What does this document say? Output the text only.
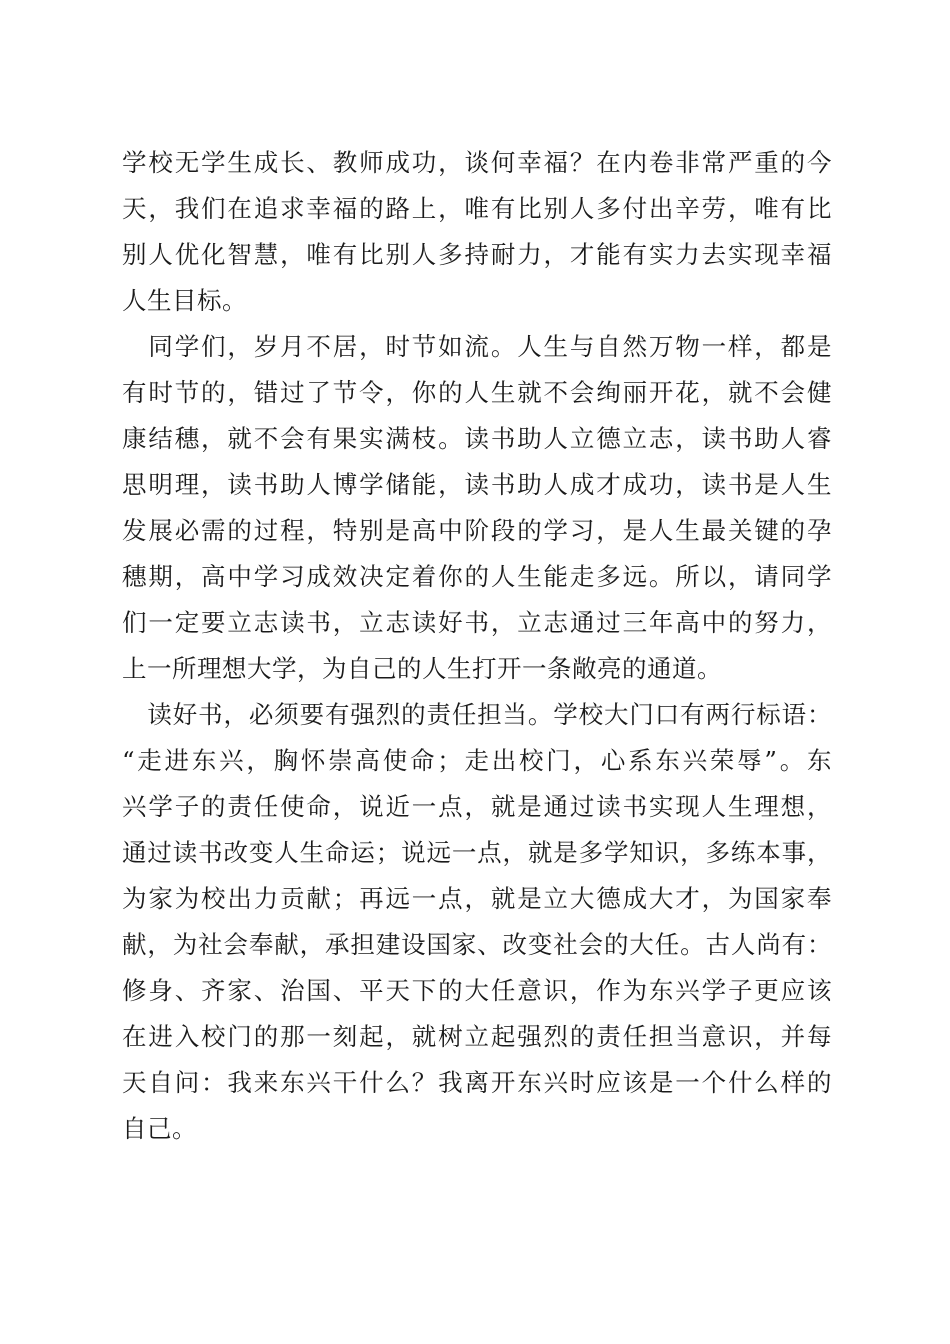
学校无学生成长、教师成功，谈何幸福？在内卷非常严重的今
天，我们在追求幸福的路上，唯有比别人多付出辛劳，唯有比
别人优化智慧，唯有比别人多持耐力，才能有实力去实现幸福
人生目标。
　同学们，岁月不居，时节如流。人生与自然万物一样，都是
有时节的，错过了节令，你的人生就不会绚丽开花，就不会健
康结穗，就不会有果实满枝。读书助人立德立志，读书助人睿
思明理，读书助人博学储能，读书助人成才成功，读书是人生
发展必需的过程，特别是高中阶段的学习，是人生最关键的孕
穗期，高中学习成效决定着你的人生能走多远。所以，请同学
们一定要立志读书，立志读好书，立志通过三年高中的努力，
上一所理想大学，为自己的人生打开一条敞亮的通道。
　读好书，必须要有强烈的责任担当。学校大门口有两行标语：
“走进东兴，胸怀崇高使命；走出校门，心系东兴荣辱”。东
兴学子的责任使命，说近一点，就是通过读书实现人生理想，
通过读书改变人生命运；说远一点，就是多学知识，多练本事，
为家为校出力贡献；再远一点，就是立大德成大才，为国家奉
献，为社会奉献，承担建设国家、改变社会的大任。古人尚有：
修身、齐家、治国、平天下的大任意识，作为东兴学子更应该
在进入校门的那一刻起，就树立起强烈的责任担当意识，并每
天自问：我来东兴干什么？我离开东兴时应该是一个什么样的
自己。
